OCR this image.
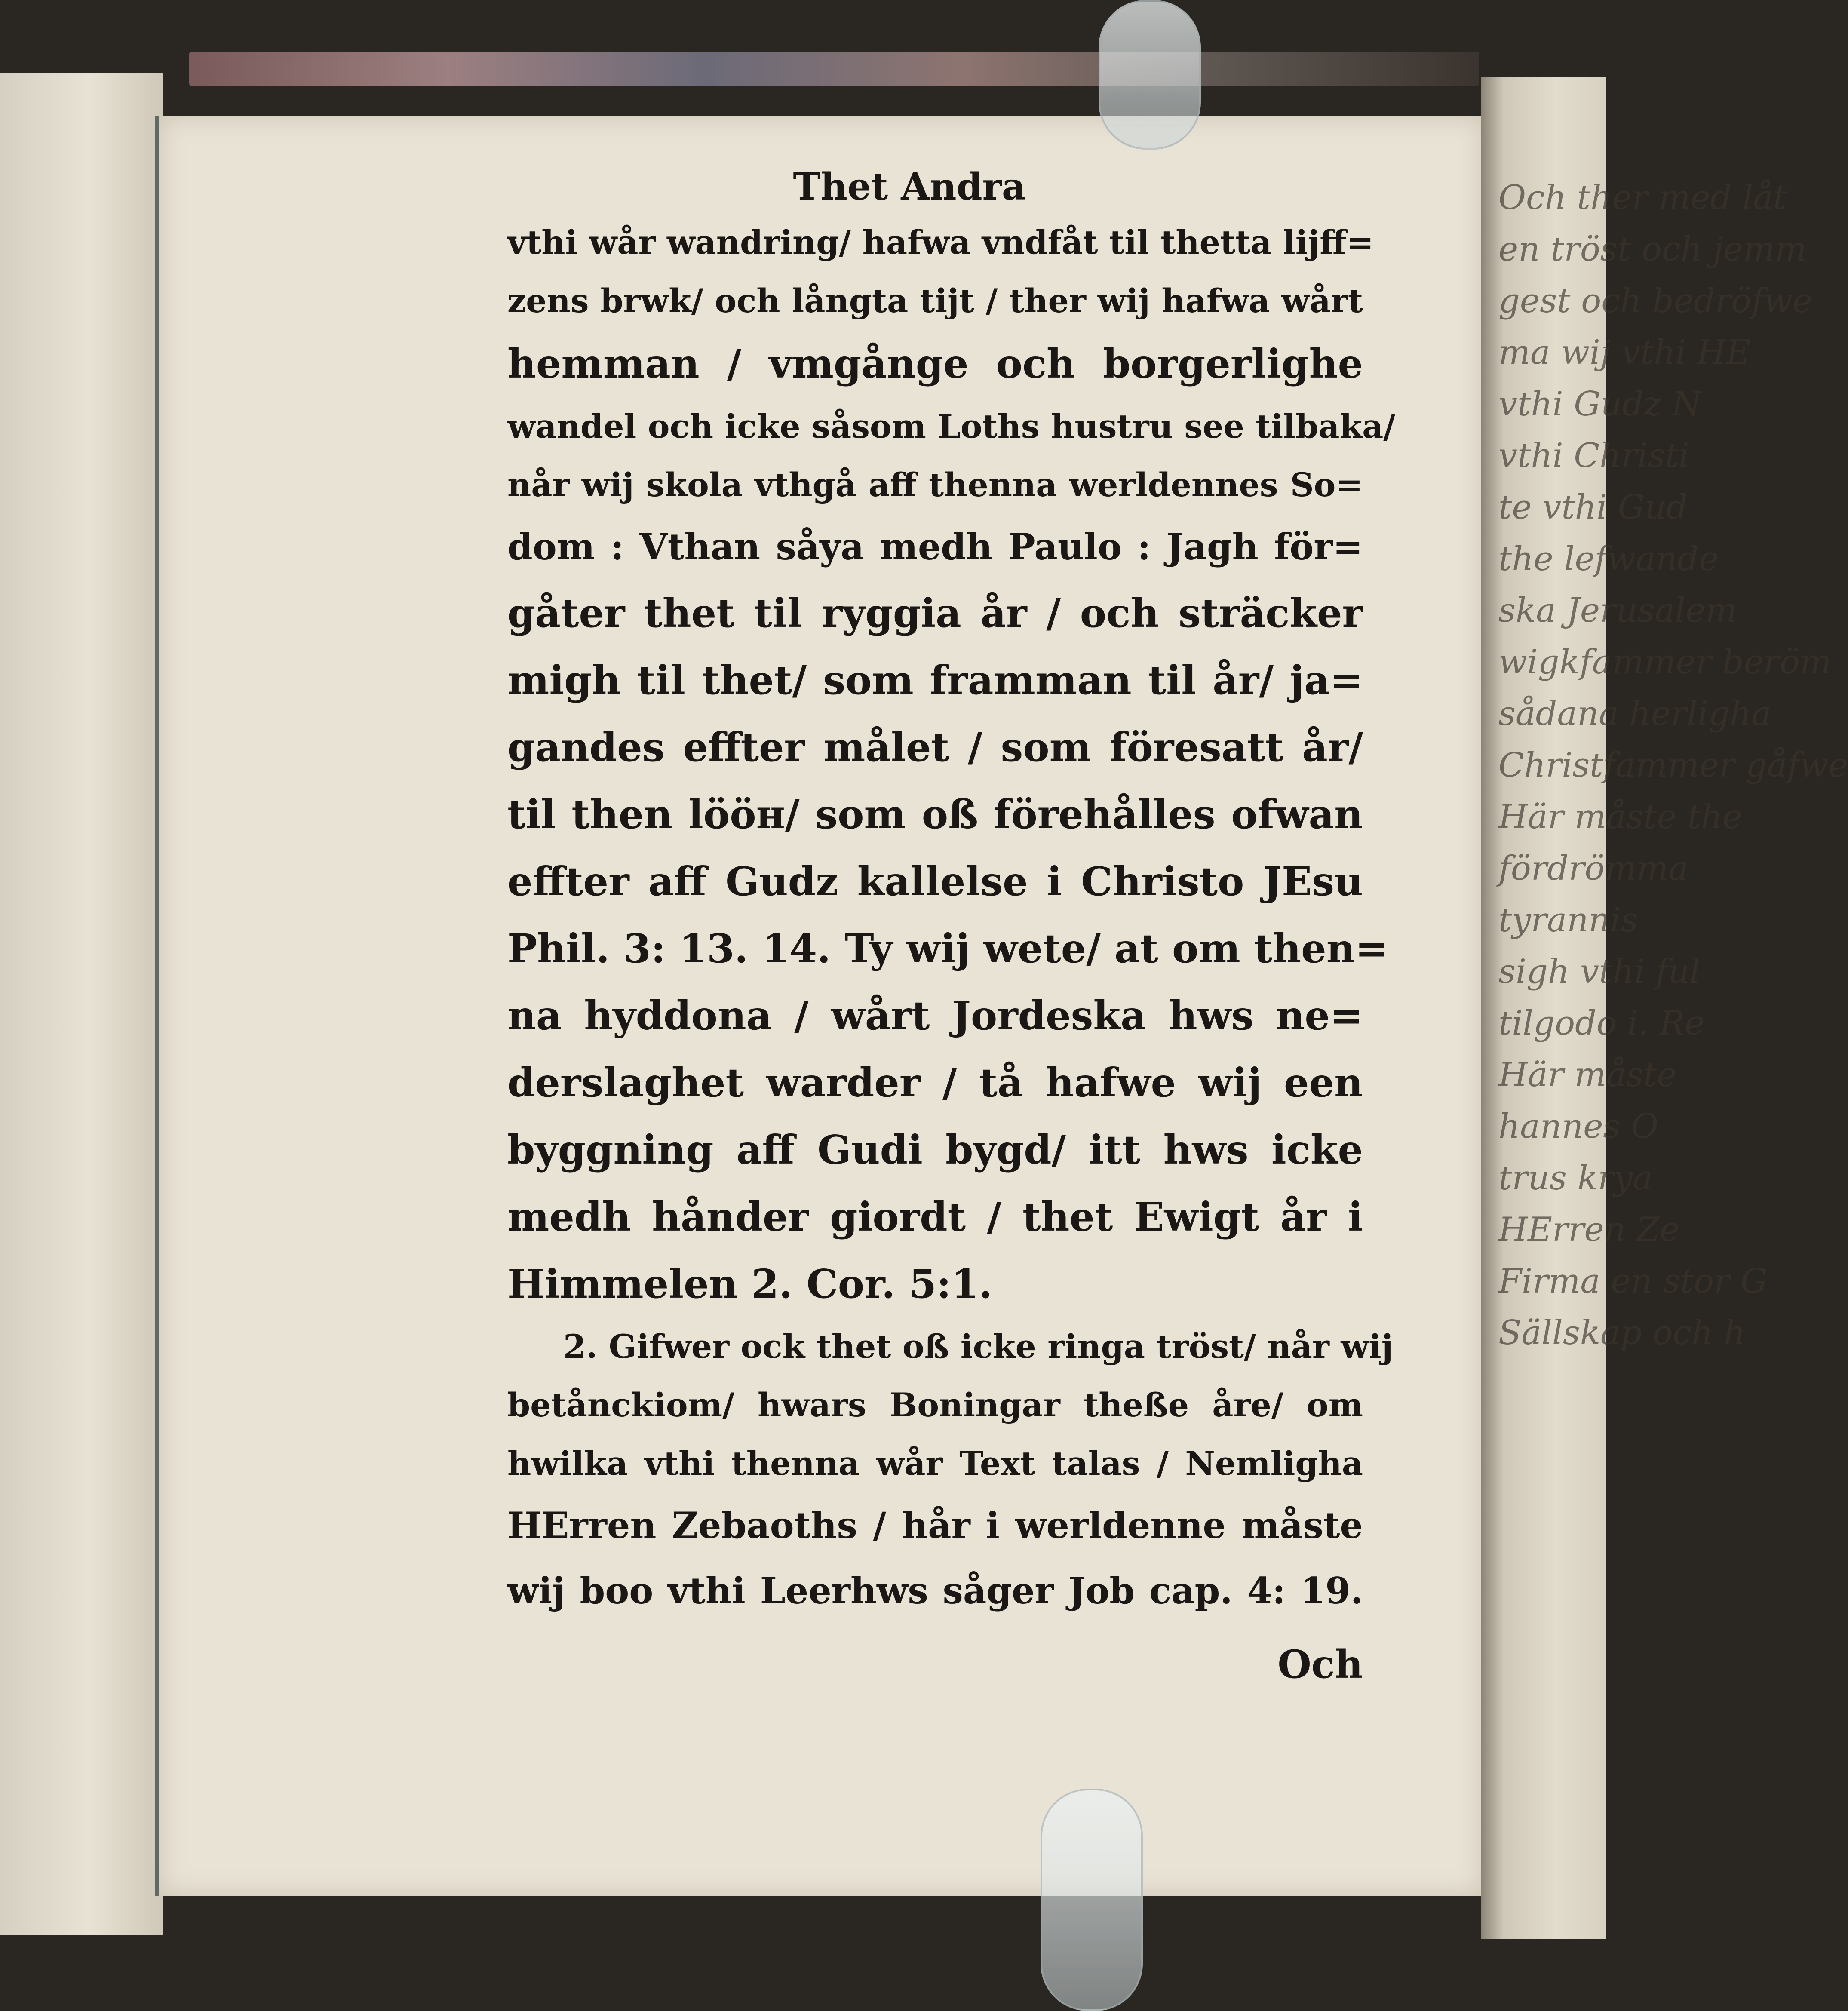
Och ther med låt
en tröst och jemm
gest och bedröfwe
ma wij vthi HE
vthi Gudz N
vthi Christi
te vthi Gud
the lefwande
ska Jerusalem
wigkfammer beröm
sådana herligha
Christfammer gåfwe
Här måste the
fördrömma
tyrannis
sigh vthi ful
tilgodo i. Re
Här måste
hannes O
trus krya
HErren Ze
Firma en stor G
Sällskap och h
Thet Andra
vthi wår wandring/ hafwa vndfåt til thetta lijff=
zens brwk/ och långta tijt / ther wij hafwa wårt
hemman / vmgånge och borgerlighe
wandel och icke såsom Loths hustru see tilbaka/
når wij skola vthgå aff thenna werldennes So=
dom : Vthan såya medh Paulo : Jagh för=
gåter thet til ryggia år / och sträcker
migh til thet/ som framman til år/ ja=
gandes effter målet / som föresatt år/
til then lööн/ som oß förehålles ofwan
effter aff Gudz kallelse i Christo JEsu
Phil. 3: 13. 14. Ty wij wete/ at om then=
na hyddona / wårt Jordeska hws ne=
derslaghet warder / tå hafwe wij een
byggning aff Gudi bygd/ itt hws icke
medh hånder giordt / thet Ewigt år i
Himmelen 2. Cor. 5:1.
2. Gifwer ock thet oß icke ringa tröst/ når wij
betånckiom/ hwars Boningar theße åre/ om
hwilka vthi thenna wår Text talas / Nemligha
HErren Zebaoths / hår i werldenne måste
wij boo vthi Leerhws såger Job cap. 4: 19.
Och
